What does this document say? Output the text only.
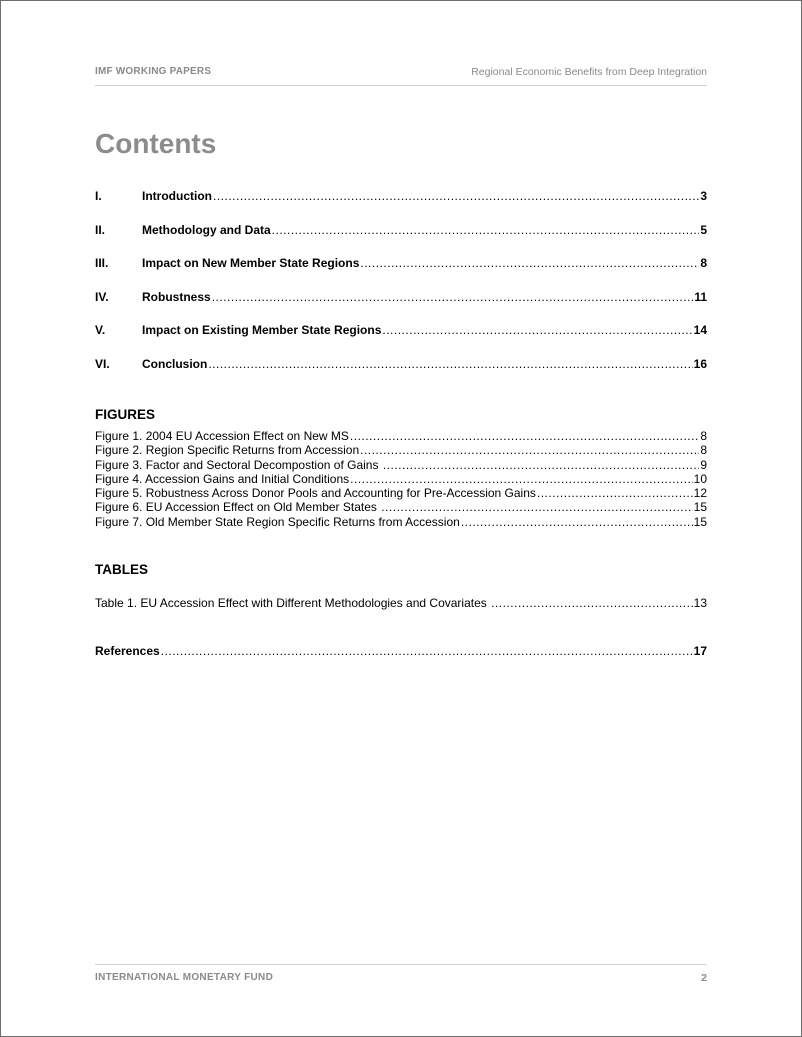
IMF WORKING PAPERS	Regional Economic Benefits from Deep Integration
Contents
I.	Introduction .....	3
II.	Methodology and Data .....	5
III.	Impact on New Member State Regions .....	8
IV.	Robustness .....	11
V.	Impact on Existing Member State Regions .....	14
VI.	Conclusion .....	16
FIGURES
Figure 1. 2004 EU Accession Effect on New MS .....	8
Figure 2. Region Specific Returns from Accession .....	8
Figure 3. Factor and Sectoral Decompostion of Gains .....	9
Figure 4. Accession Gains and Initial Conditions .....	10
Figure 5. Robustness Across Donor Pools and Accounting for Pre-Accession Gains .....	12
Figure 6. EU Accession Effect on Old Member States .....	15
Figure 7. Old Member State Region Specific Returns from Accession .....	15
TABLES
Table 1. EU Accession Effect with Different Methodologies and Covariates .....	13
References .....	17
INTERNATIONAL MONETARY FUND	2
